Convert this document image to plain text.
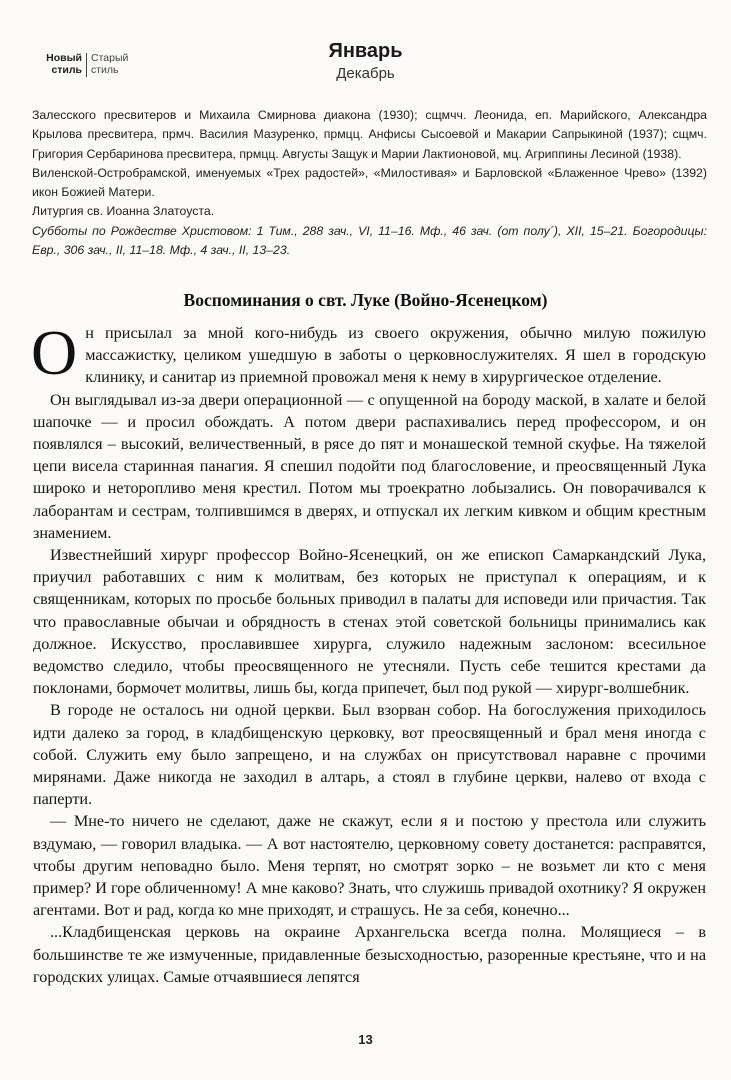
Новый
стиль
Старый
стиль
Январь
Декабрь

Залесского пресвитеров и Михаила Смирнова диакона (1930); сщмчч. Леонида, еп. Марийского, Александра Крылова пресвитера, прмч. Василия Мазуренко, прмцц. Анфисы Сысоевой и Макарии Сапрыкиной (1937); сщмч. Григория Сербаринова пресвитера, прмцц. Августы Защук и Марии Лактионовой, мц. Агриппины Лесиной (1938).

Виленской-Остробрамской, именуемых «Трех радостей», «Милостивая» и Барловской «Блаженное Чрево» (1392) икон Божией Матери.

Литургия св. Иоанна Златоуста.

Субботы по Рождестве Христовом: 1 Тим., 288 зач., VI, 11–16. Мф., 46 зач. (от полу´), XII, 15–21. Богородицы: Евр., 306 зач., II, 11–18. Мф., 4 зач., II, 13–23.

Воспоминания о свт. Луке (Войно-Ясенецком)

Он присылал за мной кого-нибудь из своего окружения, обычно милую пожилую массажистку, целиком ушедшую в заботы о церковнослужителях. Я шел в городскую клинику, и санитар из приемной провожал меня к нему в хирургическое отделение.

Он выглядывал из-за двери операционной — с опущенной на бороду маской, в халате и белой шапочке — и просил обождать. А потом двери распахивались перед профессором, и он появлялся – высокий, величественный, в рясе до пят и монашеской темной скуфье. На тяжелой цепи висела старинная панагия. Я спешил подойти под благословение, и преосвященный Лука широко и неторопливо меня крестил. Потом мы троекратно лобызались. Он поворачивался к лаборантам и сестрам, толпившимся в дверях, и отпускал их легким кивком и общим крестным знамением.

Известнейший хирург профессор Войно-Ясенецкий, он же епископ Самаркандский Лука, приучил работавших с ним к молитвам, без которых не приступал к операциям, и к священникам, которых по просьбе больных приводил в палаты для исповеди или причастия. Так что православные обычаи и обрядность в стенах этой советской больницы принимались как должное. Искусство, прославившее хирурга, служило надежным заслоном: всесильное ведомство следило, чтобы преосвященного не утесняли. Пусть себе тешится крестами да поклонами, бормочет молитвы, лишь бы, когда припечет, был под рукой — хирург-волшебник.

В городе не осталось ни одной церкви. Был взорван собор. На богослужения приходилось идти далеко за город, в кладбищенскую церковку, вот преосвященный и брал меня иногда с собой. Служить ему было запрещено, и на службах он присутствовал наравне с прочими мирянами. Даже никогда не заходил в алтарь, а стоял в глубине церкви, налево от входа с паперти.

— Мне-то ничего не сделают, даже не скажут, если я и постою у престола или служить вздумаю, — говорил владыка. — А вот настоятелю, церковному совету достанется: расправятся, чтобы другим неповадно было. Меня терпят, но смотрят зорко – не возьмет ли кто с меня пример? И горе обличенному! А мне каково? Знать, что служишь привадой охотнику? Я окружен агентами. Вот и рад, когда ко мне приходят, и страшусь. Не за себя, конечно...

...Кладбищенская церковь на окраине Архангельска всегда полна. Молящиеся – в большинстве те же измученные, придавленные безысходностью, разоренные крестьяне, что и на городских улицах. Самые отчаявшиеся лепятся

13
